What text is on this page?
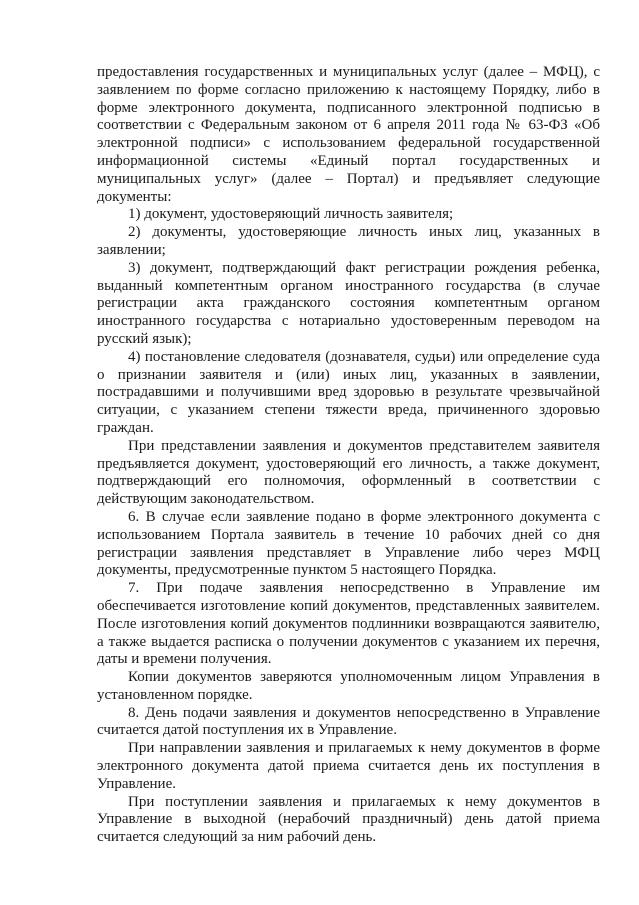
предоставления государственных и муниципальных услуг (далее – МФЦ), с заявлением по форме согласно приложению к настоящему Порядку, либо в форме электронного документа, подписанного электронной подписью в соответствии с Федеральным законом от 6 апреля 2011 года № 63-ФЗ «Об электронной подписи» с использованием федеральной государственной информационной системы «Единый портал государственных и муниципальных услуг» (далее – Портал) и предъявляет следующие документы:

1) документ, удостоверяющий личность заявителя;

2) документы, удостоверяющие личность иных лиц, указанных в заявлении;

3) документ, подтверждающий факт регистрации рождения ребенка, выданный компетентным органом иностранного государства (в случае регистрации акта гражданского состояния компетентным органом иностранного государства с нотариально удостоверенным переводом на русский язык);

4) постановление следователя (дознавателя, судьи) или определение суда о признании заявителя и (или) иных лиц, указанных в заявлении, пострадавшими и получившими вред здоровью в результате чрезвычайной ситуации, с указанием степени тяжести вреда, причиненного здоровью граждан.

При представлении заявления и документов представителем заявителя предъявляется документ, удостоверяющий его личность, а также документ, подтверждающий его полномочия, оформленный в соответствии с действующим законодательством.

6. В случае если заявление подано в форме электронного документа с использованием Портала заявитель в течение 10 рабочих дней со дня регистрации заявления представляет в Управление либо через МФЦ документы, предусмотренные пунктом 5 настоящего Порядка.

7. При подаче заявления непосредственно в Управление им обеспечивается изготовление копий документов, представленных заявителем. После изготовления копий документов подлинники возвращаются заявителю, а также выдается расписка о получении документов с указанием их перечня, даты и времени получения.

Копии документов заверяются уполномоченным лицом Управления в установленном порядке.

8. День подачи заявления и документов непосредственно в Управление считается датой поступления их в Управление.

При направлении заявления и прилагаемых к нему документов в форме электронного документа датой приема считается день их поступления в Управление.

При поступлении заявления и прилагаемых к нему документов в Управление в выходной (нерабочий праздничный) день датой приема считается следующий за ним рабочий день.
